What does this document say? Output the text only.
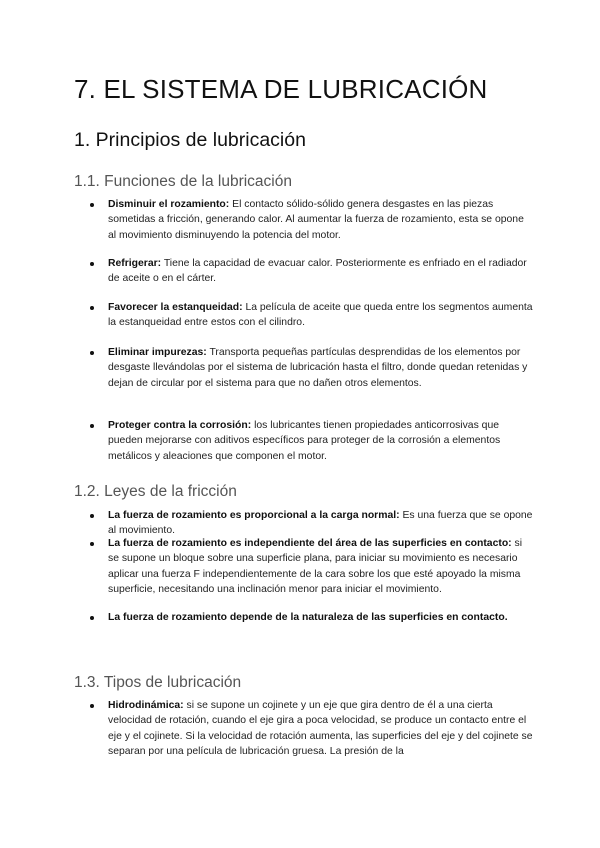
7. EL SISTEMA DE LUBRICACIÓN
1. Principios de lubricación
1.1. Funciones de la lubricación
Disminuir el rozamiento: El contacto sólido-sólido genera desgastes en las piezas sometidas a fricción, generando calor. Al aumentar la fuerza de rozamiento, esta se opone al movimiento disminuyendo la potencia del motor.
Refrigerar: Tiene la capacidad de evacuar calor. Posteriormente es enfriado en el radiador de aceite o en el cárter.
Favorecer la estanqueidad: La película de aceite que queda entre los segmentos aumenta la estanqueidad entre estos con el cilindro.
Eliminar impurezas: Transporta pequeñas partículas desprendidas de los elementos por desgaste llevándolas por el sistema de lubricación hasta el filtro, donde quedan retenidas y dejan de circular por el sistema para que no dañen otros elementos.
Proteger contra la corrosión: los lubricantes tienen propiedades anticorrosivas que pueden mejorarse con aditivos específicos para proteger de la corrosión a elementos metálicos y aleaciones que componen el motor.
1.2. Leyes de la fricción
La fuerza de rozamiento es proporcional a la carga normal: Es una fuerza que se opone al movimiento.
La fuerza de rozamiento es independiente del área de las superficies en contacto: si se supone un bloque sobre una superficie plana, para iniciar su movimiento es necesario aplicar una fuerza F independientemente de la cara sobre los que esté apoyado la misma superficie, necesitando una inclinación menor para iniciar el movimiento.
La fuerza de rozamiento depende de la naturaleza de las superficies en contacto.
1.3. Tipos de lubricación
Hidrodinámica: si se supone un cojinete y un eje que gira dentro de él a una cierta velocidad de rotación, cuando el eje gira a poca velocidad, se produce un contacto entre el eje y el cojinete. Si la velocidad de rotación aumenta, las superficies del eje y del cojinete se separan por una película de lubricación gruesa. La presión de la
